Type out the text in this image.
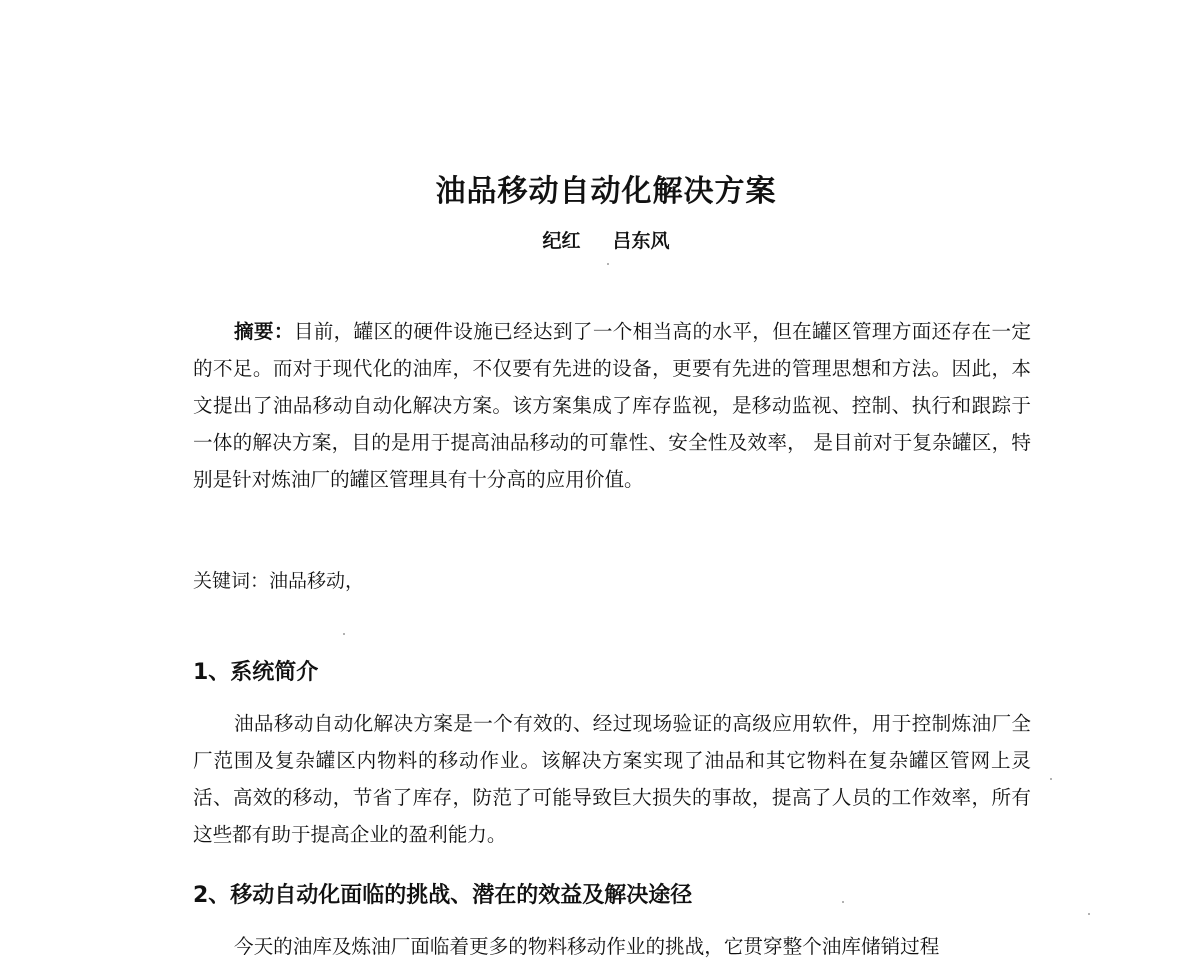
油品移动自动化解决方案
纪红 吕东风

摘要：目前，罐区的硬件设施已经达到了一个相当高的水平，但在罐区管理方面还存在一定的不足。而对于现代化的油库，不仅要有先进的设备，更要有先进的管理思想和方法。因此，本文提出了油品移动自动化解决方案。该方案集成了库存监视，是移动监视、控制、执行和跟踪于一体的解决方案，目的是用于提高油品移动的可靠性、安全性及效率， 是目前对于复杂罐区，特别是针对炼油厂的罐区管理具有十分高的应用价值。

关键词：油品移动，
1、系统简介

油品移动自动化解决方案是一个有效的、经过现场验证的高级应用软件，用于控制炼油厂全厂范围及复杂罐区内物料的移动作业。该解决方案实现了油品和其它物料在复杂罐区管网上灵活、高效的移动，节省了库存，防范了可能导致巨大损失的事故，提高了人员的工作效率，所有这些都有助于提高企业的盈利能力。

2、移动自动化面临的挑战、潜在的效益及解决途径

今天的油库及炼油厂面临着更多的物料移动作业的挑战，它贯穿整个油库储销过程
